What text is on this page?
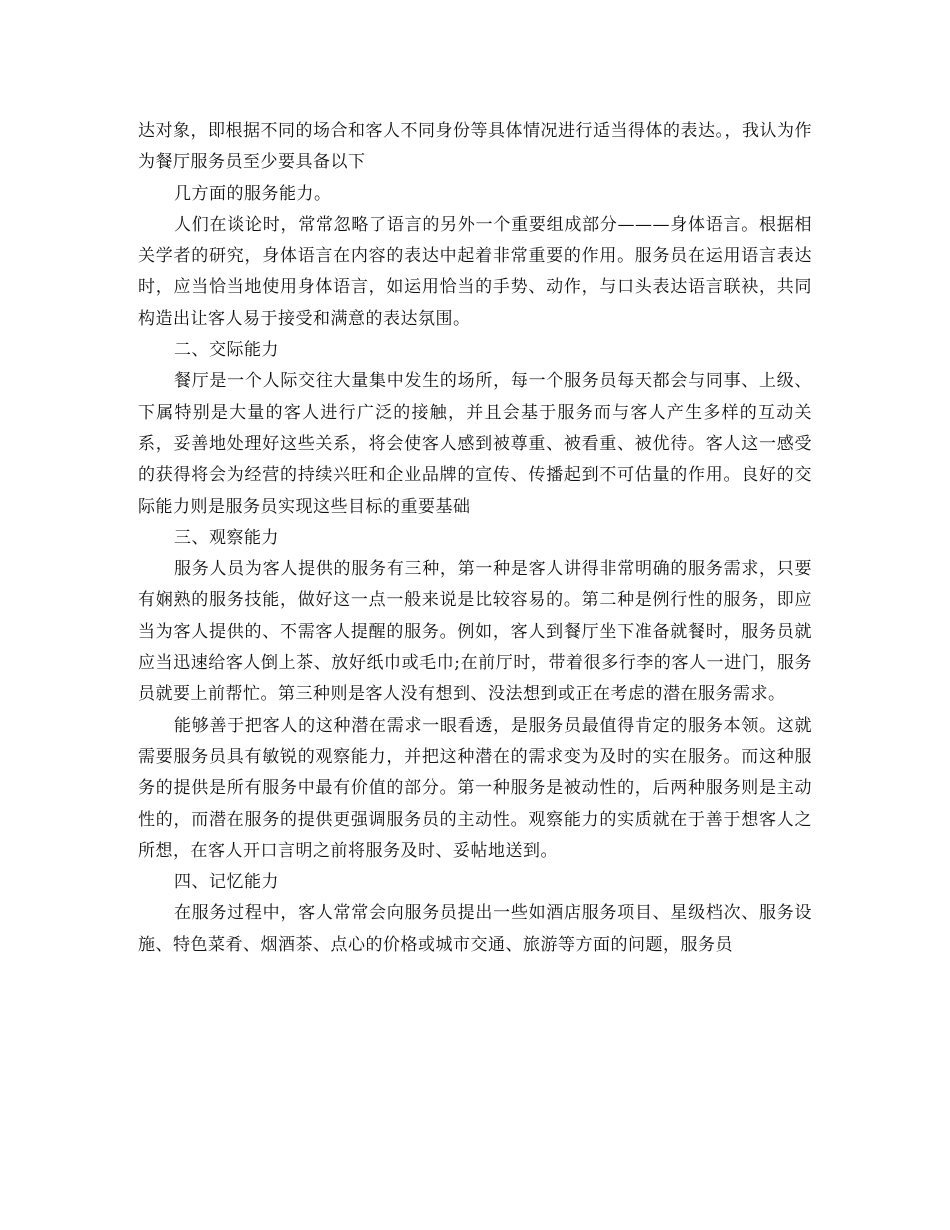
达对象，即根据不同的场合和客人不同身份等具体情况进行适当得体的表达。，我认为作为餐厅服务员至少要具备以下

几方面的服务能力。

人们在谈论时，常常忽略了语言的另外一个重要组成部分———身体语言。根据相关学者的研究，身体语言在内容的表达中起着非常重要的作用。服务员在运用语言表达时，应当恰当地使用身体语言，如运用恰当的手势、动作，与口头表达语言联袂，共同构造出让客人易于接受和满意的表达氛围。

二、交际能力

餐厅是一个人际交往大量集中发生的场所，每一个服务员每天都会与同事、上级、下属特别是大量的客人进行广泛的接触，并且会基于服务而与客人产生多样的互动关系，妥善地处理好这些关系，将会使客人感到被尊重、被看重、被优待。客人这一感受的获得将会为经营的持续兴旺和企业品牌的宣传、传播起到不可估量的作用。良好的交际能力则是服务员实现这些目标的重要基础

三、观察能力

服务人员为客人提供的服务有三种，第一种是客人讲得非常明确的服务需求，只要有娴熟的服务技能，做好这一点一般来说是比较容易的。第二种是例行性的服务，即应当为客人提供的、不需客人提醒的服务。例如，客人到餐厅坐下准备就餐时，服务员就应当迅速给客人倒上茶、放好纸巾或毛巾;在前厅时，带着很多行李的客人一进门，服务员就要上前帮忙。第三种则是客人没有想到、没法想到或正在考虑的潜在服务需求。

能够善于把客人的这种潜在需求一眼看透，是服务员最值得肯定的服务本领。这就需要服务员具有敏锐的观察能力，并把这种潜在的需求变为及时的实在服务。而这种服务的提供是所有服务中最有价值的部分。第一种服务是被动性的，后两种服务则是主动性的，而潜在服务的提供更强调服务员的主动性。观察能力的实质就在于善于想客人之所想，在客人开口言明之前将服务及时、妥帖地送到。

四、记忆能力

在服务过程中，客人常常会向服务员提出一些如酒店服务项目、星级档次、服务设施、特色菜肴、烟酒茶、点心的价格或城市交通、旅游等方面的问题，服务员
